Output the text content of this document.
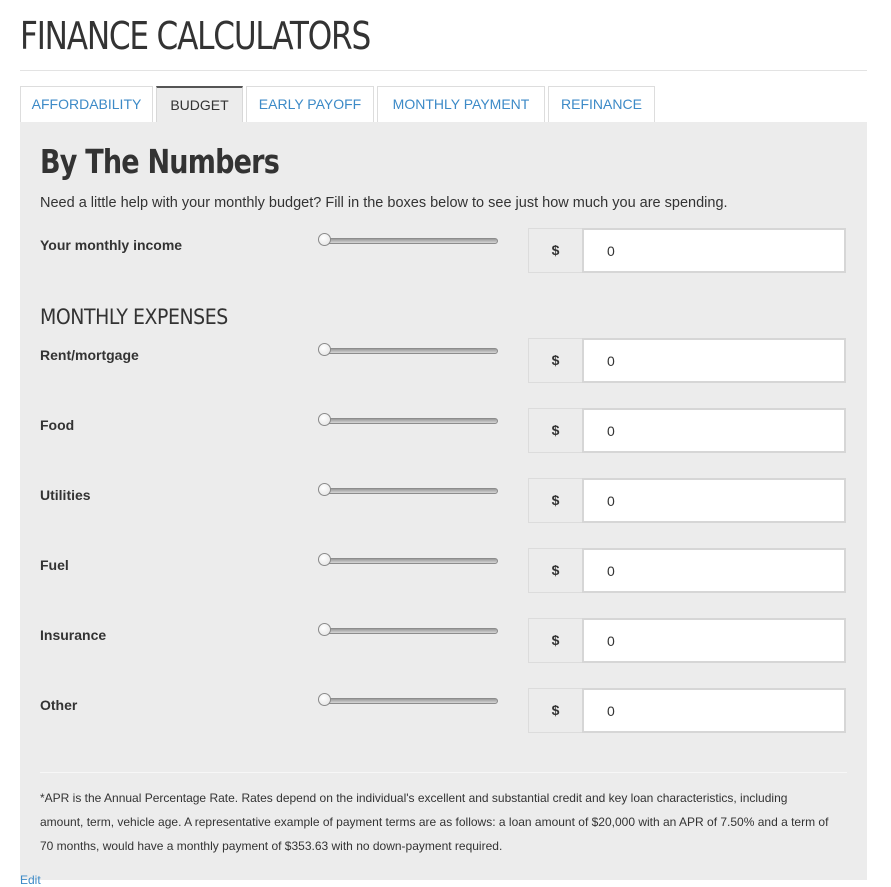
FINANCE CALCULATORS
AFFORDABILITY	BUDGET	EARLY PAYOFF	MONTHLY PAYMENT	REFINANCE
By The Numbers

Need a little help with your monthly budget? Fill in the boxes below to see just how much you are spending.

Your monthly income	$
0
MONTHLY EXPENSES
Rent/mortgage	$
0
Food	$
0
Utilities	$
0
Fuel	$
0
Insurance	$
0
Other	$
0

*APR is the Annual Percentage Rate. Rates depend on the individual's excellent and substantial credit and key loan characteristics, including amount, term, vehicle age. A representative example of payment terms are as follows: a loan amount of $20,000 with an APR of 7.50% and a term of 70 months, would have a monthly payment of $353.63 with no down-payment required.

Edit
